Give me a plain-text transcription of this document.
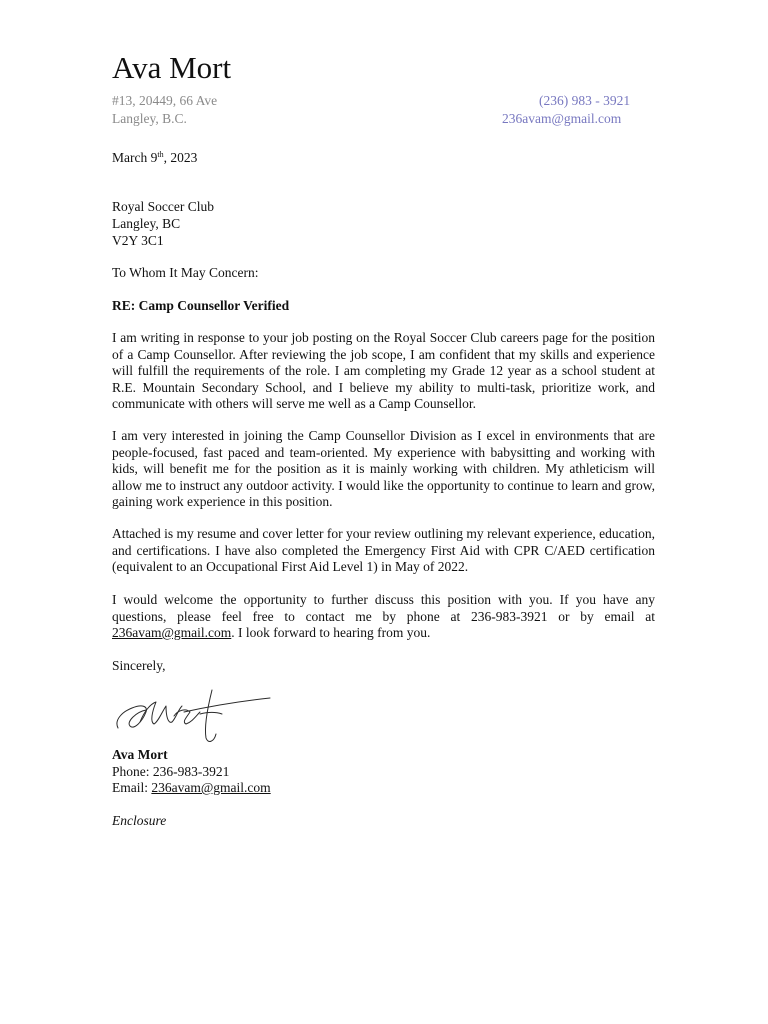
Ava Mort
#13, 20449, 66 Ave
Langley, B.C.
(236) 983 - 3921
236avam@gmail.com
March 9th, 2023
Royal Soccer Club
Langley, BC
V2Y 3C1
To Whom It May Concern:
RE: Camp Counsellor Verified
I am writing in response to your job posting on the Royal Soccer Club careers page for the position of a Camp Counsellor. After reviewing the job scope, I am confident that my skills and experience will fulfill the requirements of the role. I am completing my Grade 12 year as a school student at R.E. Mountain Secondary School, and I believe my ability to multi-task, prioritize work, and communicate with others will serve me well as a Camp Counsellor.
I am very interested in joining the Camp Counsellor Division as I excel in environments that are people-focused, fast paced and team-oriented. My experience with babysitting and working with kids, will benefit me for the position as it is mainly working with children. My athleticism will allow me to instruct any outdoor activity. I would like the opportunity to continue to learn and grow, gaining work experience in this position.
Attached is my resume and cover letter for your review outlining my relevant experience, education, and certifications. I have also completed the Emergency First Aid with CPR C/AED certification (equivalent to an Occupational First Aid Level 1) in May of 2022.
I would welcome the opportunity to further discuss this position with you. If you have any questions, please feel free to contact me by phone at 236-983-3921 or by email at 236avam@gmail.com. I look forward to hearing from you.
Sincerely,
Ava Mort
Phone: 236-983-3921
Email: 236avam@gmail.com
Enclosure
